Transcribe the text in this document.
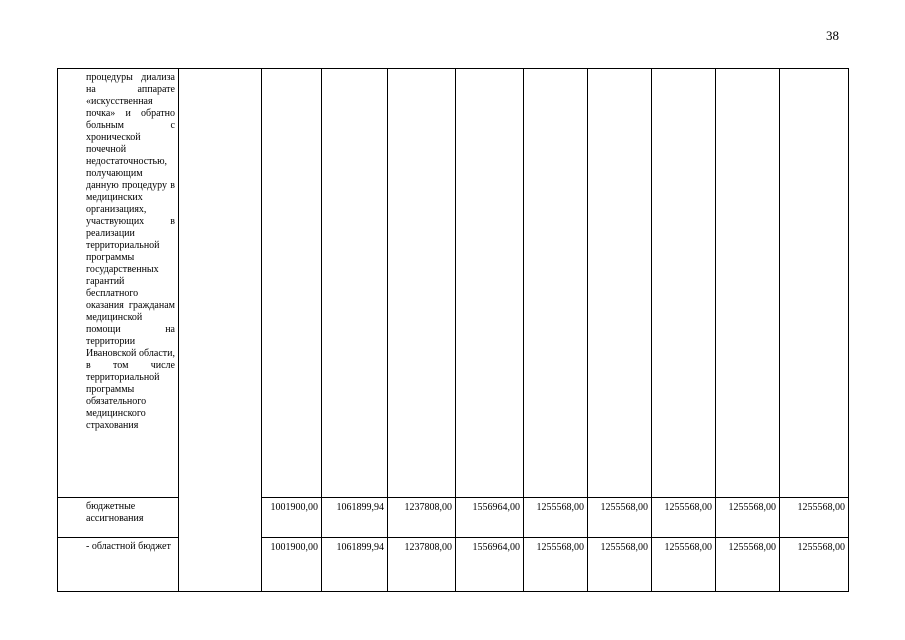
38
процедуры диализа на аппарате «искусственная почка» и обратно больным с хронической почечной недостаточностью, получающим данную процедуру в медицинских организациях, участвующих в реализации территориальной программы государственных гарантий бесплатного оказания гражданам медицинской помощи на территории Ивановской области, в том числе территориальной программы обязательного медицинского страхования										

бюджетные ассигнования		1001900,00	1061899,94	1237808,00	1556964,00	1255568,00	1255568,00	1255568,00	1255568,00	1255568,00

- областной бюджет		1001900,00	1061899,94	1237808,00	1556964,00	1255568,00	1255568,00	1255568,00	1255568,00	1255568,00
